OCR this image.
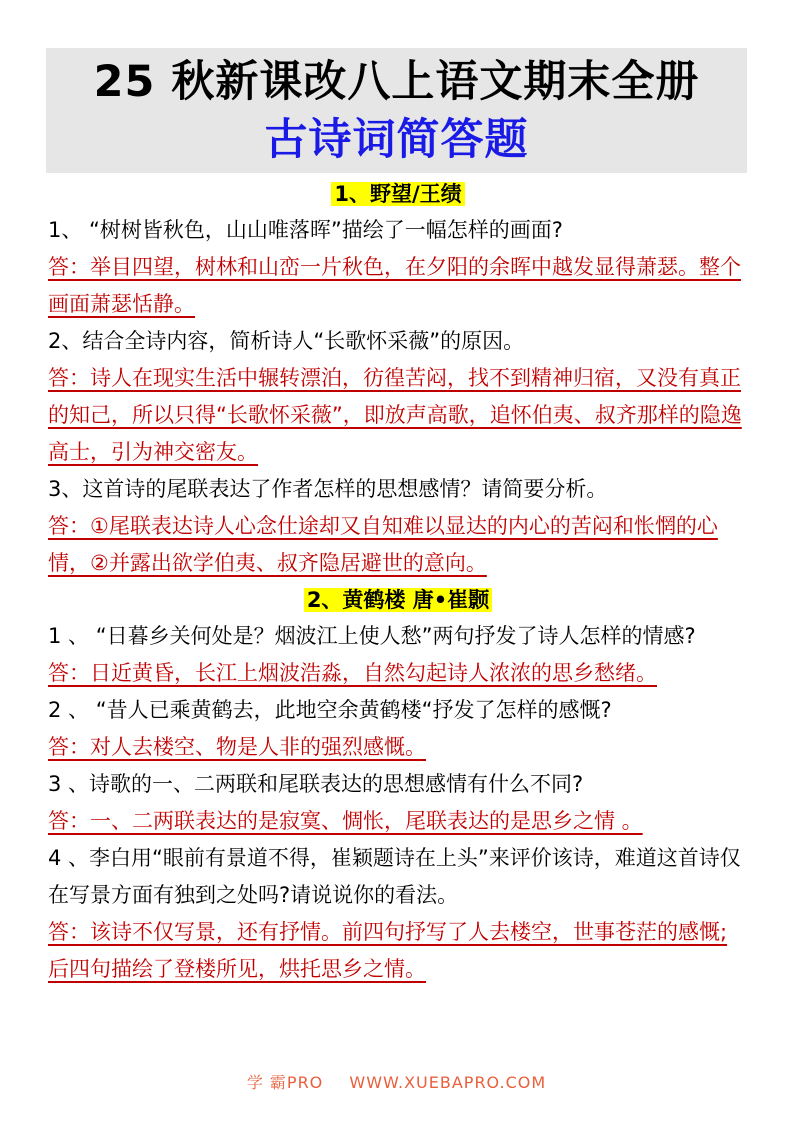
25 秋新课改八上语文期末全册
古诗词简答题
1、野望/王绩

1、 “树树皆秋色，山山唯落晖”描绘了一幅怎样的画面?

答：举目四望，树林和山峦一片秋色，在夕阳的余晖中越发显得萧瑟。整个画面萧瑟恬静。

2、结合全诗内容，简析诗人“长歌怀采薇”的原因。

答：诗人在现实生活中辗转漂泊，彷徨苦闷，找不到精神归宿，又没有真正的知己，所以只得“长歌怀采薇”，即放声高歌，追怀伯夷、叔齐那样的隐逸高士，引为神交密友。

3、这首诗的尾联表达了作者怎样的思想感情？请简要分析。

答：①尾联表达诗人心念仕途却又自知难以显达的内心的苦闷和怅惘的心情，②并露出欲学伯夷、叔齐隐居避世的意向。

2、黄鹤楼 唐•崔颢

1 、 “日暮乡关何处是？烟波江上使人愁”两句抒发了诗人怎样的情感?

答：日近黄昏，长江上烟波浩淼，自然勾起诗人浓浓的思乡愁绪。

2 、 “昔人已乘黄鹤去，此地空余黄鹤楼“抒发了怎样的感慨?

答：对人去楼空、物是人非的强烈感慨。

3 、诗歌的一、二两联和尾联表达的思想感情有什么不同?

答：一、二两联表达的是寂寞、惆怅，尾联表达的是思乡之情 。

4 、李白用“眼前有景道不得，崔颖题诗在上头”来评价该诗，难道这首诗仅在写景方面有独到之处吗?请说说你的看法。

答：该诗不仅写景，还有抒情。前四句抒写了人去楼空，世事苍茫的感慨;后四句描绘了登楼所见，烘托思乡之情。

学 霸PRO WWW.XUEBAPRO.COM
